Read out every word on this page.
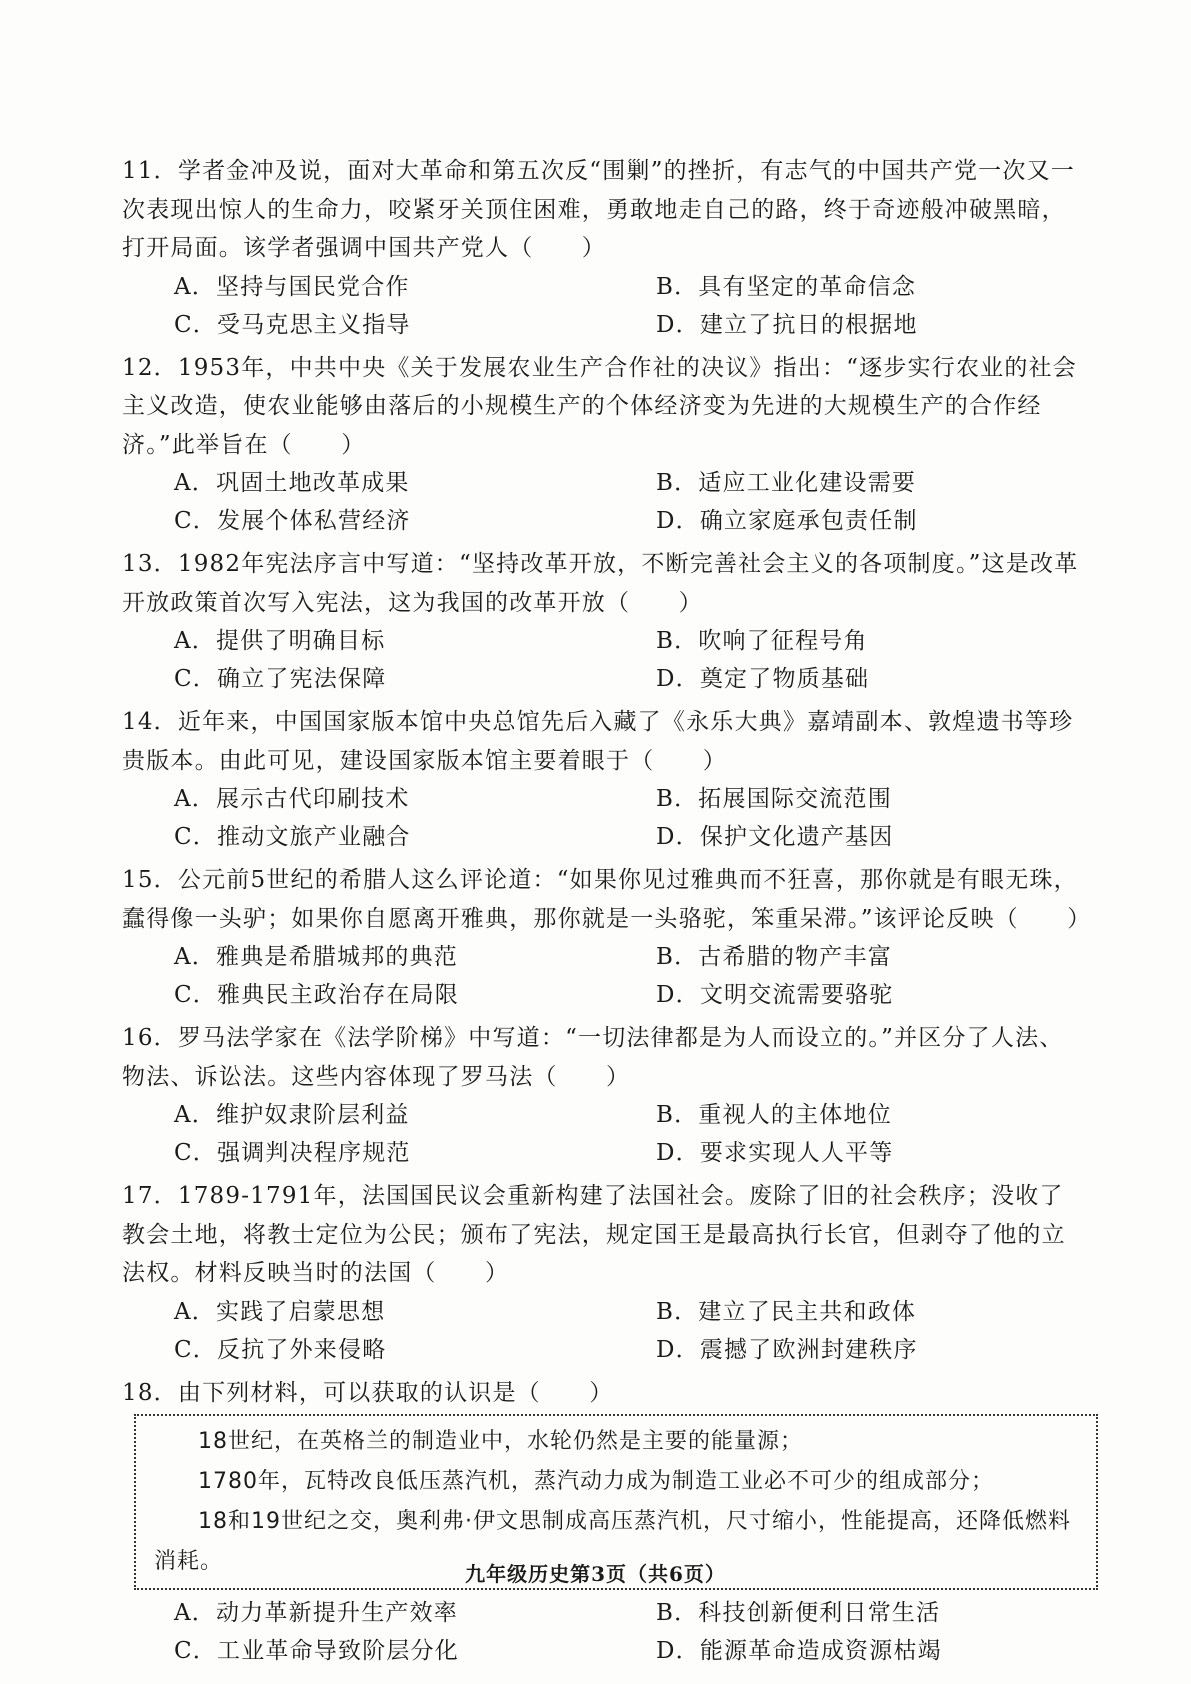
11．学者金冲及说，面对大革命和第五次反“围剿”的挫折，有志气的中国共产党一次又一次表现出惊人的生命力，咬紧牙关顶住困难，勇敢地走自己的路，终于奇迹般冲破黑暗，打开局面。该学者强调中国共产党人（　　）

A．坚持与国民党合作	B．具有坚定的革命信念
C．受马克思主义指导	D．建立了抗日的根据地

12．1953年，中共中央《关于发展农业生产合作社的决议》指出：“逐步实行农业的社会主义改造，使农业能够由落后的小规模生产的个体经济变为先进的大规模生产的合作经济。”此举旨在（　　）

A．巩固土地改革成果	B．适应工业化建设需要
C．发展个体私营经济	D．确立家庭承包责任制

13．1982年宪法序言中写道：“坚持改革开放，不断完善社会主义的各项制度。”这是改革开放政策首次写入宪法，这为我国的改革开放（　　）

A．提供了明确目标	B．吹响了征程号角
C．确立了宪法保障	D．奠定了物质基础

14．近年来，中国国家版本馆中央总馆先后入藏了《永乐大典》嘉靖副本、敦煌遗书等珍贵版本。由此可见，建设国家版本馆主要着眼于（　　）

A．展示古代印刷技术	B．拓展国际交流范围
C．推动文旅产业融合	D．保护文化遗产基因

15．公元前5世纪的希腊人这么评论道：“如果你见过雅典而不狂喜，那你就是有眼无珠，蠢得像一头驴；如果你自愿离开雅典，那你就是一头骆驼，笨重呆滞。”该评论反映（　　）

A．雅典是希腊城邦的典范	B．古希腊的物产丰富
C．雅典民主政治存在局限	D．文明交流需要骆驼

16．罗马法学家在《法学阶梯》中写道：“一切法律都是为人而设立的。”并区分了人法、物法、诉讼法。这些内容体现了罗马法（　　）

A．维护奴隶阶层利益	B．重视人的主体地位
C．强调判决程序规范	D．要求实现人人平等

17．1789-1791年，法国国民议会重新构建了法国社会。废除了旧的社会秩序；没收了教会土地，将教士定位为公民；颁布了宪法，规定国王是最高执行长官，但剥夺了他的立法权。材料反映当时的法国（　　）

A．实践了启蒙思想	B．建立了民主共和政体
C．反抗了外来侵略	D．震撼了欧洲封建秩序

18．由下列材料，可以获取的认识是（　　）

18世纪，在英格兰的制造业中，水轮仍然是主要的能量源；

1780年，瓦特改良低压蒸汽机，蒸汽动力成为制造工业必不可少的组成部分；

18和19世纪之交，奥利弗·伊文思制成高压蒸汽机，尺寸缩小，性能提高，还降低燃料消耗。

A．动力革新提升生产效率	B．科技创新便利日常生活
C．工业革命导致阶层分化	D．能源革命造成资源枯竭
九年级历史第3页（共6页）
